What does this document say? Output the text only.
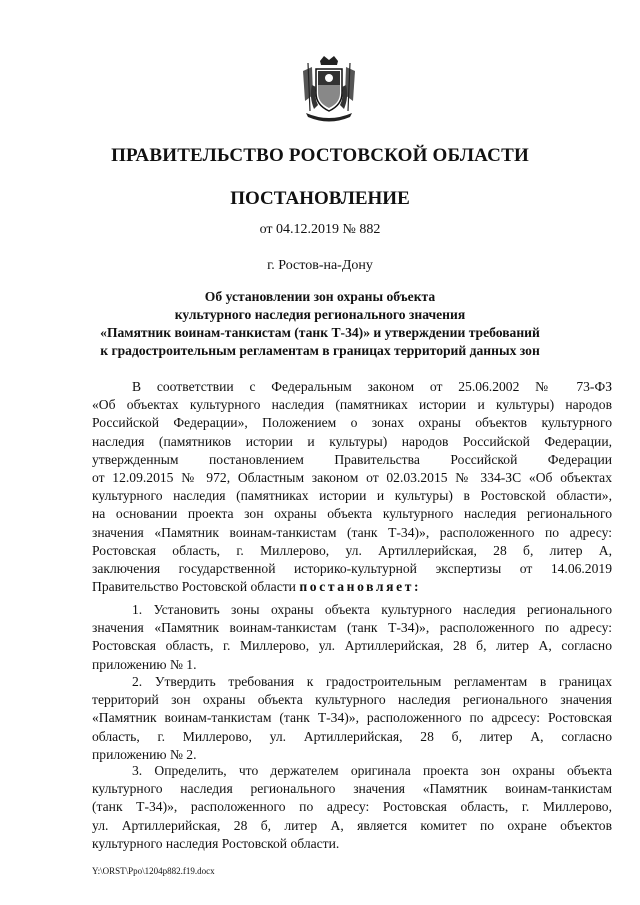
ПРАВИТЕЛЬСТВО РОСТОВСКОЙ ОБЛАСТИ
ПОСТАНОВЛЕНИЕ
от 04.12.2019 № 882
г. Ростов-на-Дону
Об установлении зон охраны объекта
культурного наследия регионального значения
«Памятник воинам-танкистам (танк Т-34)» и утверждении требований
к градостроительным регламентам в границах территорий данных зон
В соответствии с Федеральным законом от 25.06.2002 № 73-ФЗ
«Об объектах культурного наследия (памятниках истории и культуры) народов
Российской Федерации», Положением о зонах охраны объектов культурного
наследия (памятников истории и культуры) народов Российской Федерации,
утвержденным постановлением Правительства Российской Федерации
от 12.09.2015 № 972, Областным законом от 02.03.2015 № 334-ЗС «Об объектах
культурного наследия (памятниках истории и культуры) в Ростовской области»,
на основании проекта зон охраны объекта культурного наследия регионального
значения «Памятник воинам-танкистам (танк Т-34)», расположенного по адресу:
Ростовская область, г. Миллерово, ул. Артиллерийская, 28 б, литер А,
заключения государственной историко-культурной экспертизы от 14.06.2019
Правительство Ростовской области постановляет:
1. Установить зоны охраны объекта культурного наследия регионального
значения «Памятник воинам-танкистам (танк Т-34)», расположенного по адресу:
Ростовская область, г. Миллерово, ул. Артиллерийская, 28 б, литер А, согласно
приложению № 1.
2. Утвердить требования к градостроительным регламентам в границах
территорий зон охраны объекта культурного наследия регионального значения
«Памятник воинам-танкистам (танк Т-34)», расположенного по адрсесу: Ростовская
область, г. Миллерово, ул. Артиллерийская, 28 б, литер А, согласно
приложению № 2.
3. Определить, что держателем оригинала проекта зон охраны объекта
культурного наследия регионального значения «Памятник воинам-танкистам
(танк Т-34)», расположенного по адресу: Ростовская область, г. Миллерово,
ул. Артиллерийская, 28 б, литер А, является комитет по охране объектов
культурного наследия Ростовской области.
Y:\ORST\Ppo\1204p882.f19.docx
